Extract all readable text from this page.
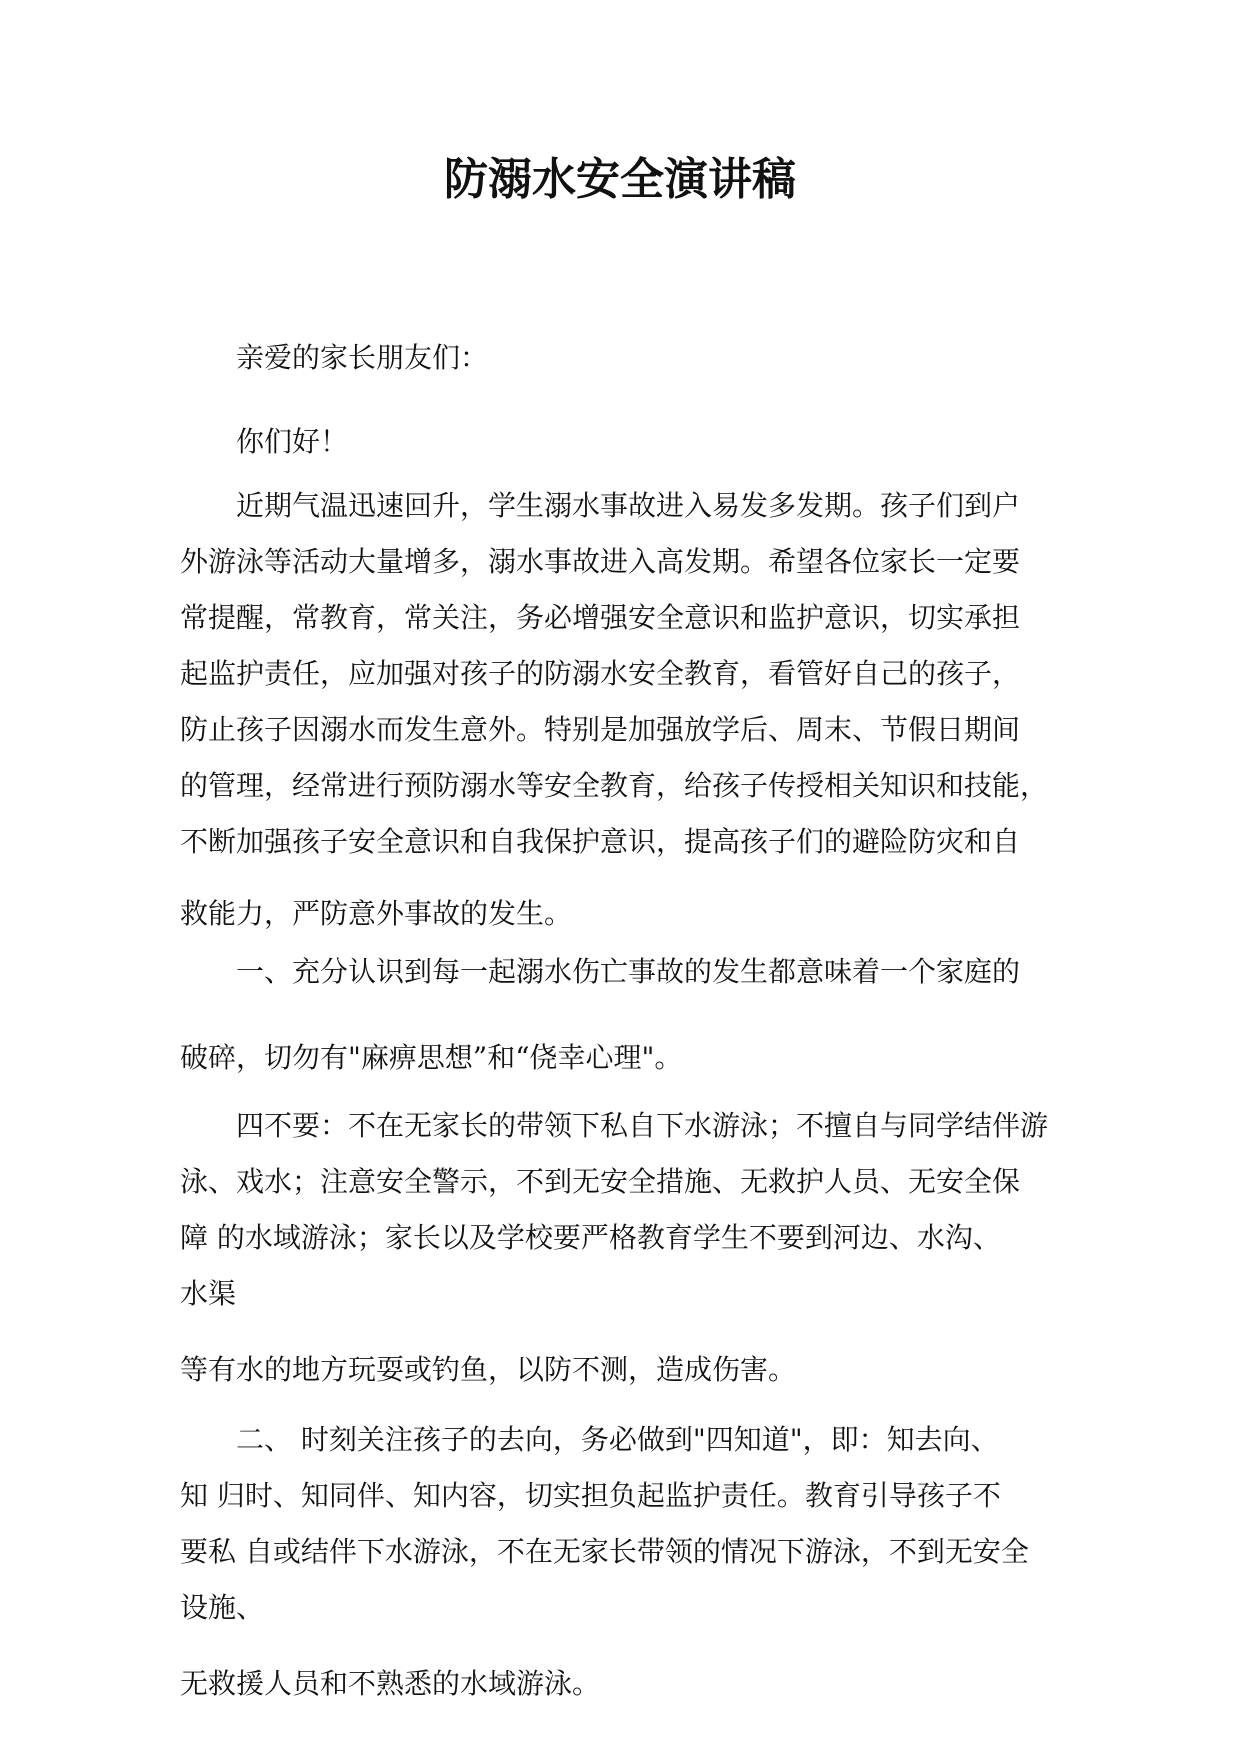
防溺水安全演讲稿
亲爱的家长朋友们：
你们好！
近期气温迅速回升，学生溺水事故进入易发多发期。孩子们到户
外游泳等活动大量增多，溺水事故进入高发期。希望各位家长一定要
常提醒，常教育，常关注，务必增强安全意识和监护意识，切实承担
起监护责任，应加强对孩子的防溺水安全教育，看管好自己的孩子，
防止孩子因溺水而发生意外。特别是加强放学后、周末、节假日期间
的管理，经常进行预防溺水等安全教育，给孩子传授相关知识和技能，
不断加强孩子安全意识和自我保护意识，提高孩子们的避险防灾和自
救能力，严防意外事故的发生。
一、充分认识到每一起溺水伤亡事故的发生都意味着一个家庭的
破碎，切勿有"麻痹思想”和“侥幸心理"。
四不要：不在无家长的带领下私自下水游泳；不擅自与同学结伴游
泳、戏水；注意安全警示，不到无安全措施、无救护人员、无安全保
障 的水域游泳；家长以及学校要严格教育学生不要到河边、水沟、
水渠
等有水的地方玩耍或钓鱼，以防不测，造成伤害。
二、 时刻关注孩子的去向，务必做到"四知道"，即：知去向、
知 归时、知同伴、知内容，切实担负起监护责任。教育引导孩子不
要私 自或结伴下水游泳，不在无家长带领的情况下游泳，不到无安全
设施、
无救援人员和不熟悉的水域游泳。
